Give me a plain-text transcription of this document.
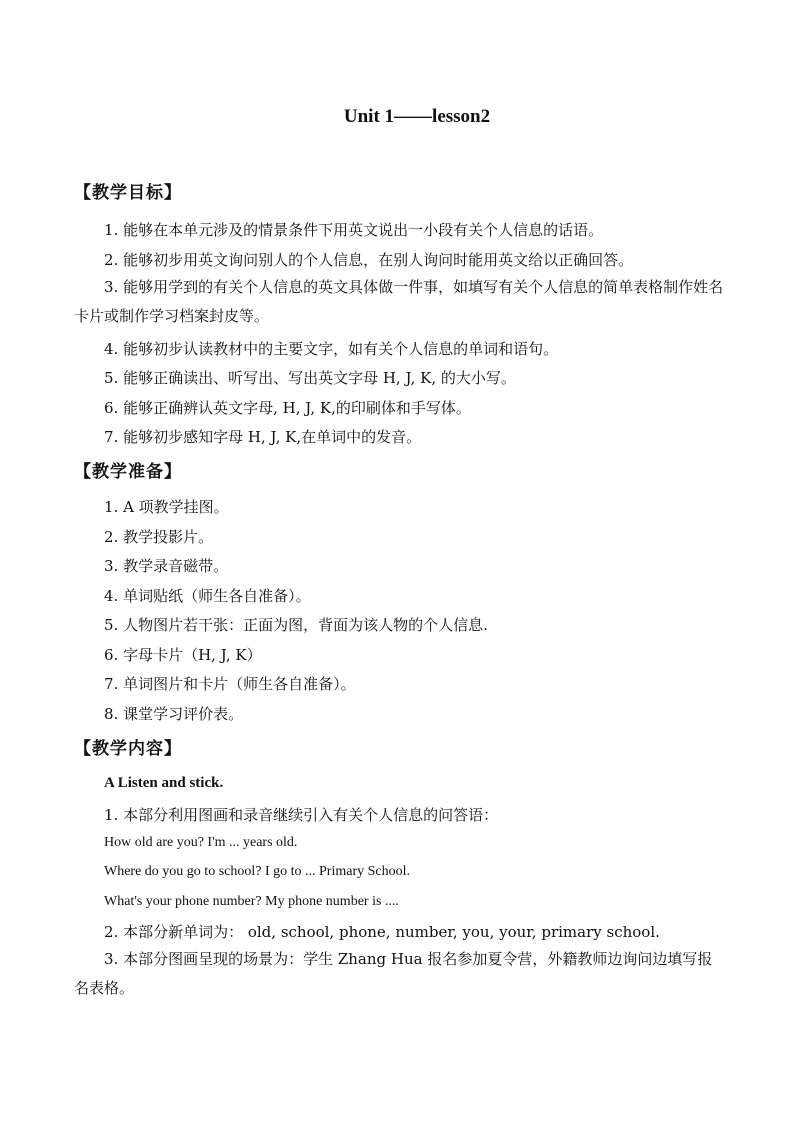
Unit 1——lesson2
【教学目标】
1. 能够在本单元涉及的情景条件下用英文说出一小段有关个人信息的话语。
2. 能够初步用英文询问别人的个人信息，在别人询问时能用英文给以正确回答。
3. 能够用学到的有关个人信息的英文具体做一件事，如填写有关个人信息的简单表格制作姓名卡片或制作学习档案封皮等。
4. 能够初步认读教材中的主要文字，如有关个人信息的单词和语句。
5. 能够正确读出、听写出、写出英文字母 H, J, K, 的大小写。
6. 能够正确辨认英文字母, H, J, K,的印刷体和手写体。
7. 能够初步感知字母 H, J, K,在单词中的发音。
【教学准备】
1. A 项教学挂图。
2. 教学投影片。
3. 教学录音磁带。
4. 单词贴纸（师生各自准备）。
5. 人物图片若干张：正面为图，背面为该人物的个人信息.
6. 字母卡片（H, J, K）
7. 单词图片和卡片（师生各自准备）。
8. 课堂学习评价表。
【教学内容】
A Listen and stick.
1. 本部分利用图画和录音继续引入有关个人信息的问答语：
How old are you? I'm ... years old.
Where do you go to school? I go to ... Primary School.
What's your phone number? My phone number is ....
2. 本部分新单词为： old, school, phone, number, you, your, primary school.
3. 本部分图画呈现的场景为：学生 Zhang Hua 报名参加夏令营，外籍教师边询问边填写报名表格。
